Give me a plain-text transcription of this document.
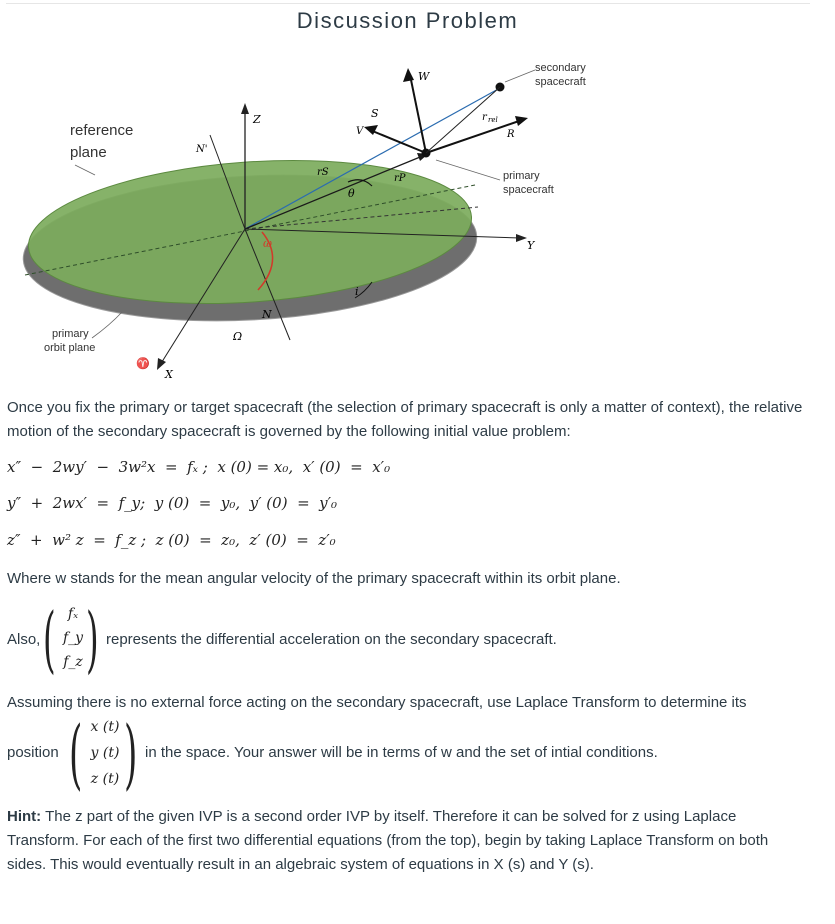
Discussion Problem
reference
plane
primary
orbit plane
secondary
spacecraft
primary
spacecraft
W
Z	S
V
r rel
R
Y
X
N'
N
rS
rP
θ
ω
Ω
i
♈
Once you fix the primary or target spacecraft (the selection of primary spacecraft is only a matter of context), the relative motion of the secondary spacecraft is governed by the following initial value problem:
x″  −  2wy′  −  3w²x  =  fₓ ;  x (0) = x₀,  x′ (0)  =  x′₀
y″  +  2wx′  =  f_y;  y (0)  =  y₀,  y′ (0)  =  y′₀
z″  +  w² z  =  f_z ;  z (0)  =  z₀,  z′ (0)  =  z′₀
Where w stands for the mean angular velocity of the primary spacecraft within its orbit plane.
Also, ( fₓ
f_y
f_z ) represents the differential acceleration on the secondary spacecraft.
Assuming there is no external force acting on the secondary spacecraft, use Laplace Transform to determine its
position ( x (t)
y (t)
z (t) ) in the space. Your answer will be in terms of w and the set of intial conditions.
Hint: The z part of the given IVP is a second order IVP by itself. Therefore it can be solved for z using Laplace Transform. For each of the first two differential equations (from the top), begin by taking Laplace Transform on both sides. This would eventually result in an algebraic system of equations in X (s) and Y (s).
